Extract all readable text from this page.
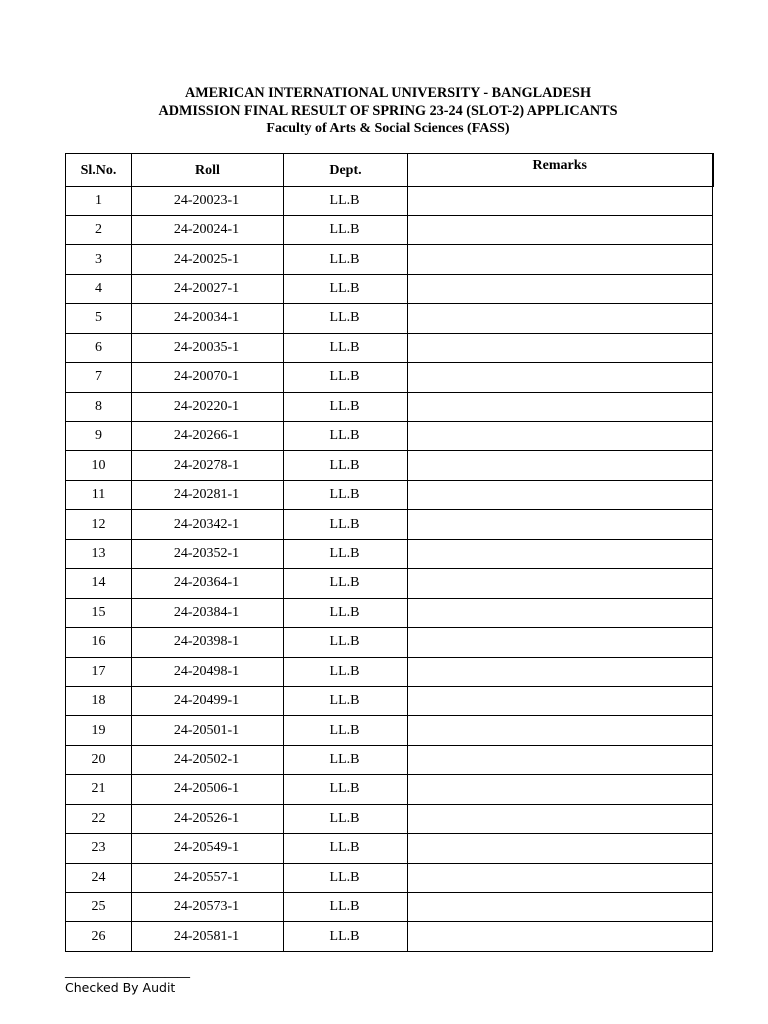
AMERICAN INTERNATIONAL UNIVERSITY - BANGLADESH
ADMISSION FINAL RESULT OF SPRING 23-24 (SLOT-2) APPLICANTS
Faculty of Arts & Social Sciences (FASS)
Sl.No.	Roll	Dept.	Remarks
1	24-20023-1	LL.B	
2	24-20024-1	LL.B	
3	24-20025-1	LL.B	
4	24-20027-1	LL.B	
5	24-20034-1	LL.B	
6	24-20035-1	LL.B	
7	24-20070-1	LL.B	
8	24-20220-1	LL.B	
9	24-20266-1	LL.B	
10	24-20278-1	LL.B	
11	24-20281-1	LL.B	
12	24-20342-1	LL.B	
13	24-20352-1	LL.B	
14	24-20364-1	LL.B	
15	24-20384-1	LL.B	
16	24-20398-1	LL.B	
17	24-20498-1	LL.B	
18	24-20499-1	LL.B	
19	24-20501-1	LL.B	
20	24-20502-1	LL.B	
21	24-20506-1	LL.B	
22	24-20526-1	LL.B	
23	24-20549-1	LL.B	
24	24-20557-1	LL.B	
25	24-20573-1	LL.B	
26	24-20581-1	LL.B	
____________________
Checked By Audit
